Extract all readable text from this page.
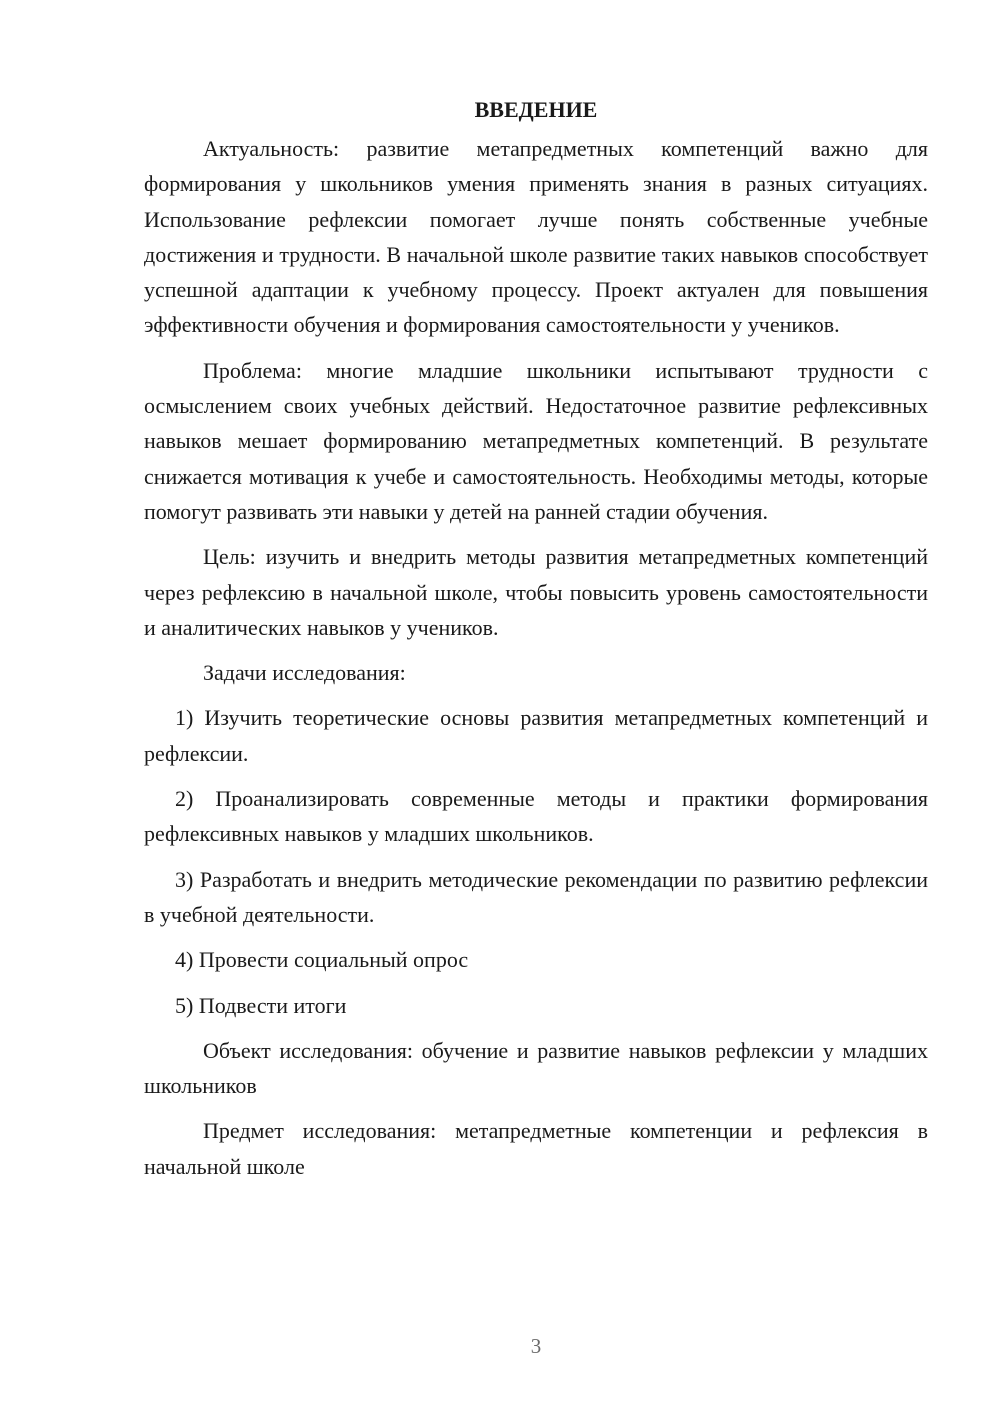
ВВЕДЕНИЕ

Актуальность: развитие метапредметных компетенций важно для формирования у школьников умения применять знания в разных ситуациях. Использование рефлексии помогает лучше понять собственные учебные достижения и трудности. В начальной школе развитие таких навыков способствует успешной адаптации к учебному процессу. Проект актуален для повышения эффективности обучения и формирования самостоятельности у учеников.

Проблема: многие младшие школьники испытывают трудности с осмыслением своих учебных действий. Недостаточное развитие рефлексивных навыков мешает формированию метапредметных компетенций. В результате снижается мотивация к учебе и самостоятельность. Необходимы методы, которые помогут развивать эти навыки у детей на ранней стадии обучения.

Цель: изучить и внедрить методы развития метапредметных компетенций через рефлексию в начальной школе, чтобы повысить уровень самостоятельности и аналитических навыков у учеников.

Задачи исследования:

1) Изучить теоретические основы развития метапредметных компетенций и рефлексии.

2) Проанализировать современные методы и практики формирования рефлексивных навыков у младших школьников.

3) Разработать и внедрить методические рекомендации по развитию рефлексии в учебной деятельности.

4) Провести социальный опрос

5) Подвести итоги

Объект исследования: обучение и развитие навыков рефлексии у младших школьников

Предмет исследования: метапредметные компетенции и рефлексия в начальной школе

3
